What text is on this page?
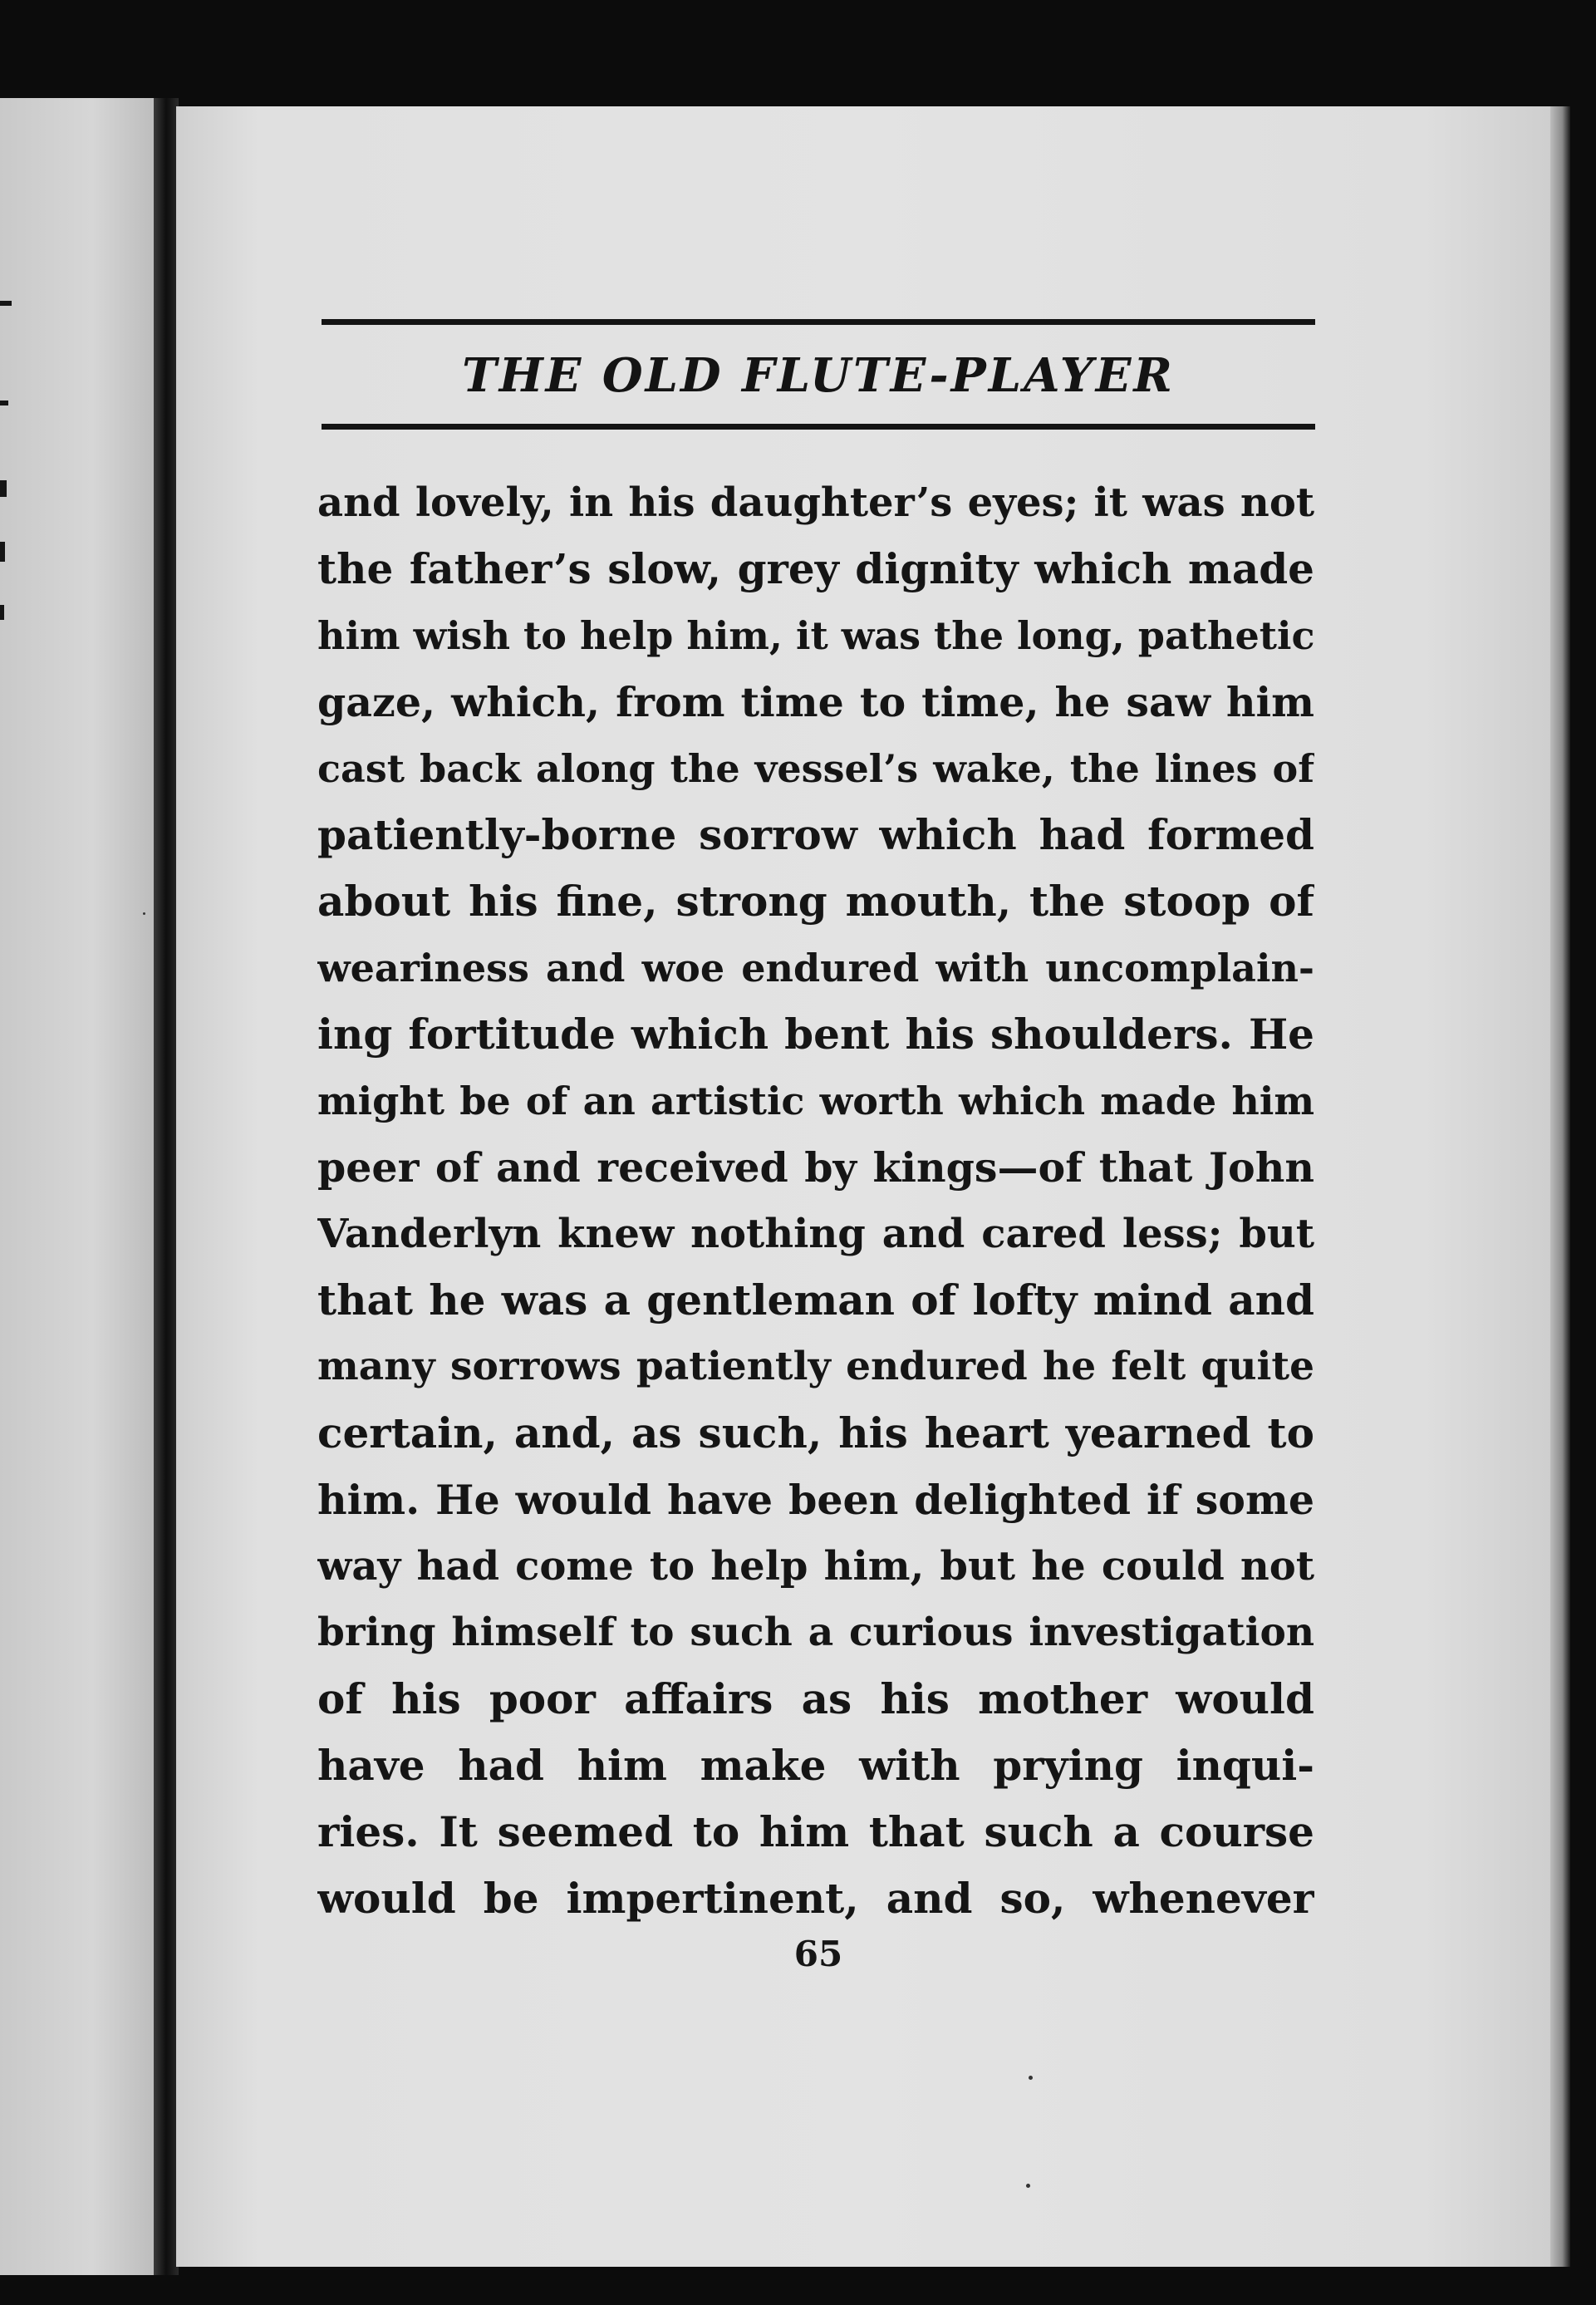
THE OLD FLUTE-PLAYER
and lovely, in his daughter’s eyes; it was not
the father’s slow, grey dignity which made
him wish to help him, it was the long, pathetic
gaze, which, from time to time, he saw him
cast back along the vessel’s wake, the lines of
patiently-borne sorrow which had formed
about his fine, strong mouth, the stoop of
weariness and woe endured with uncomplain-
ing fortitude which bent his shoulders. He
might be of an artistic worth which made him
peer of and received by kings—of that John
Vanderlyn knew nothing and cared less; but
that he was a gentleman of lofty mind and
many sorrows patiently endured he felt quite
certain, and, as such, his heart yearned to
him. He would have been delighted if some
way had come to help him, but he could not
bring himself to such a curious investigation
of his poor affairs as his mother would
have had him make with prying inqui-
ries. It seemed to him that such a course
would be impertinent, and so, whenever
65
